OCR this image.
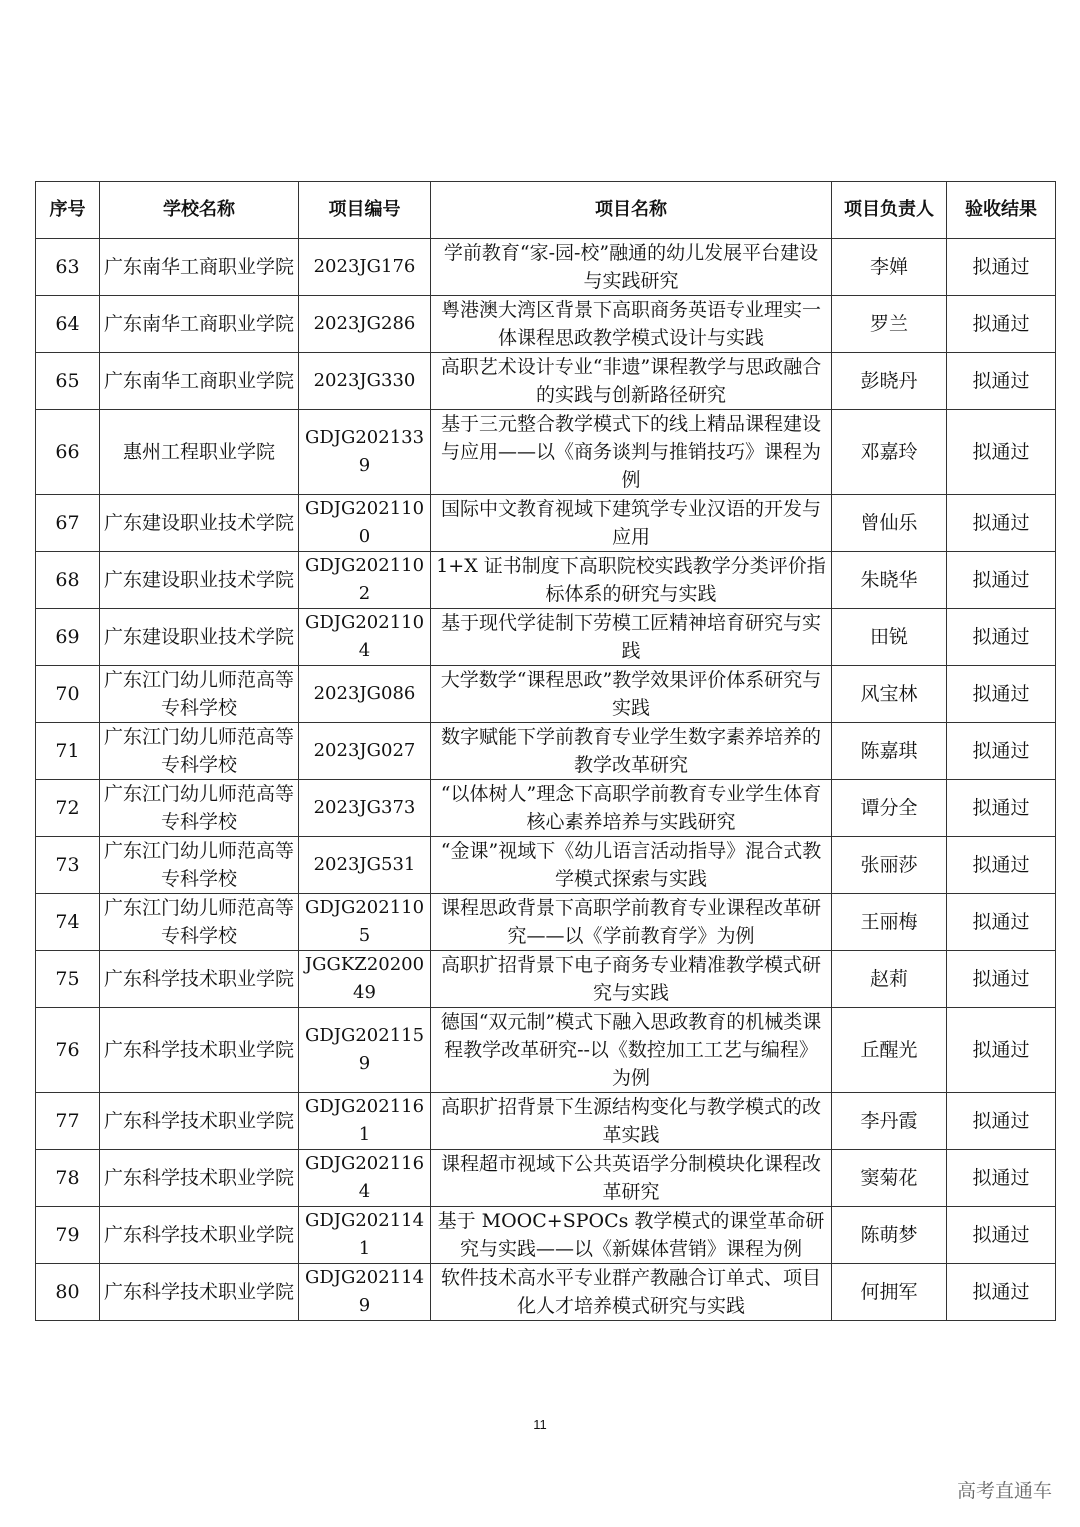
序号	学校名称	项目编号	项目名称	项目负责人	验收结果
63	广东南华工商职业学院	2023JG176	学前教育“家-园-校”融通的幼儿发展平台建设与实践研究	李婵	拟通过
64	广东南华工商职业学院	2023JG286	粤港澳大湾区背景下高职商务英语专业理实一体课程思政教学模式设计与实践	罗兰	拟通过
65	广东南华工商职业学院	2023JG330	高职艺术设计专业“非遗”课程教学与思政融合的实践与创新路径研究	彭晓丹	拟通过
66	惠州工程职业学院	GDJG2021339	基于三元整合教学模式下的线上精品课程建设与应用——以《商务谈判与推销技巧》课程为例	邓嘉玲	拟通过
67	广东建设职业技术学院	GDJG2021100	国际中文教育视域下建筑学专业汉语的开发与应用	曾仙乐	拟通过
68	广东建设职业技术学院	GDJG2021102	1+X 证书制度下高职院校实践教学分类评价指标体系的研究与实践	朱晓华	拟通过
69	广东建设职业技术学院	GDJG2021104	基于现代学徒制下劳模工匠精神培育研究与实践	田锐	拟通过
70	广东江门幼儿师范高等专科学校	2023JG086	大学数学“课程思政”教学效果评价体系研究与实践	风宝林	拟通过
71	广东江门幼儿师范高等专科学校	2023JG027	数字赋能下学前教育专业学生数字素养培养的教学改革研究	陈嘉琪	拟通过
72	广东江门幼儿师范高等专科学校	2023JG373	“以体树人”理念下高职学前教育专业学生体育核心素养培养与实践研究	谭分全	拟通过
73	广东江门幼儿师范高等专科学校	2023JG531	“金课”视域下《幼儿语言活动指导》混合式教学模式探索与实践	张丽莎	拟通过
74	广东江门幼儿师范高等专科学校	GDJG2021105	课程思政背景下高职学前教育专业课程改革研究——以《学前教育学》为例	王丽梅	拟通过
75	广东科学技术职业学院	JGGKZ2020049	高职扩招背景下电子商务专业精准教学模式研究与实践	赵莉	拟通过
76	广东科学技术职业学院	GDJG2021159	德国“双元制”模式下融入思政教育的机械类课程教学改革研究--以《数控加工工艺与编程》为例	丘醒光	拟通过
77	广东科学技术职业学院	GDJG2021161	高职扩招背景下生源结构变化与教学模式的改革实践	李丹霞	拟通过
78	广东科学技术职业学院	GDJG2021164	课程超市视域下公共英语学分制模块化课程改革研究	窦菊花	拟通过
79	广东科学技术职业学院	GDJG2021141	基于 MOOC+SPOCs 教学模式的课堂革命研究与实践——以《新媒体营销》课程为例	陈萌梦	拟通过
80	广东科学技术职业学院	GDJG2021149	软件技术高水平专业群产教融合订单式、项目化人才培养模式研究与实践	何拥军	拟通过
11
高考直通车
